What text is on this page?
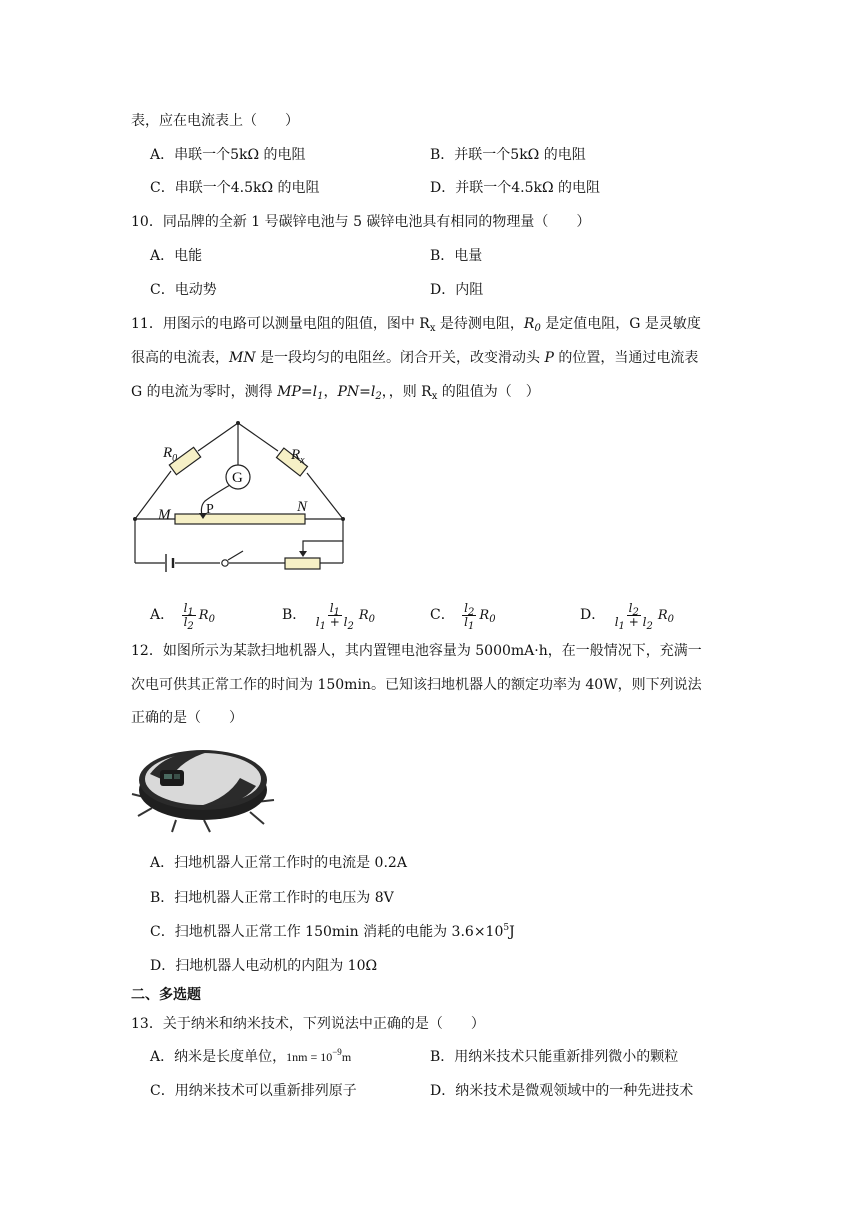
表，应在电流表上（　　）
A．串联一个5kΩ 的电阻	B．并联一个5kΩ 的电阻
C．串联一个4.5kΩ 的电阻	D．并联一个4.5kΩ 的电阻
10．同品牌的全新 1 号碳锌电池与 5 碳锌电池具有相同的物理量（　　）
A．电能	B．电量
C．电动势	D．内阻
11．用图示的电路可以测量电阻的阻值，图中 $R_x$ 是待测电阻，$R_0$ 是定值电阻，G 是灵敏度
很高的电流表，MN 是一段均匀的电阻丝。闭合开关，改变滑动头 P 的位置，当通过电流表
G 的电流为零时，测得 $MP=l_1$，$PN=l_2$，，则 $R_x$ 的阻值为（　）
$R_0$	$R_x$
G
P
M	N
A． $\frac{l_1}{l_2} R_0$	B． $\frac{l_1}{l_1 + l_2} R_0$	C． $\frac{l_2}{l_1} R_0$	D． $\frac{l_2}{l_1 + l_2} R_0$
12．如图所示为某款扫地机器人，其内置锂电池容量为 5000mA·h，在一般情况下，充满一
次电可供其正常工作的时间为 150min。已知该扫地机器人的额定功率为 40W，则下列说法
正确的是（　　）
A．扫地机器人正常工作时的电流是 0.2A
B．扫地机器人正常工作时的电压为 8V
C．扫地机器人正常工作 150min 消耗的电能为 $3.6\times 10^5J$
D．扫地机器人电动机的内阻为 10Ω
二、多选题
13．关于纳米和纳米技术，下列说法中正确的是（　　）
A．纳米是长度单位，$1nm = 10^{-9}m$	B．用纳米技术只能重新排列微小的颗粒
C．用纳米技术可以重新排列原子	D．纳米技术是微观领域中的一种先进技术
